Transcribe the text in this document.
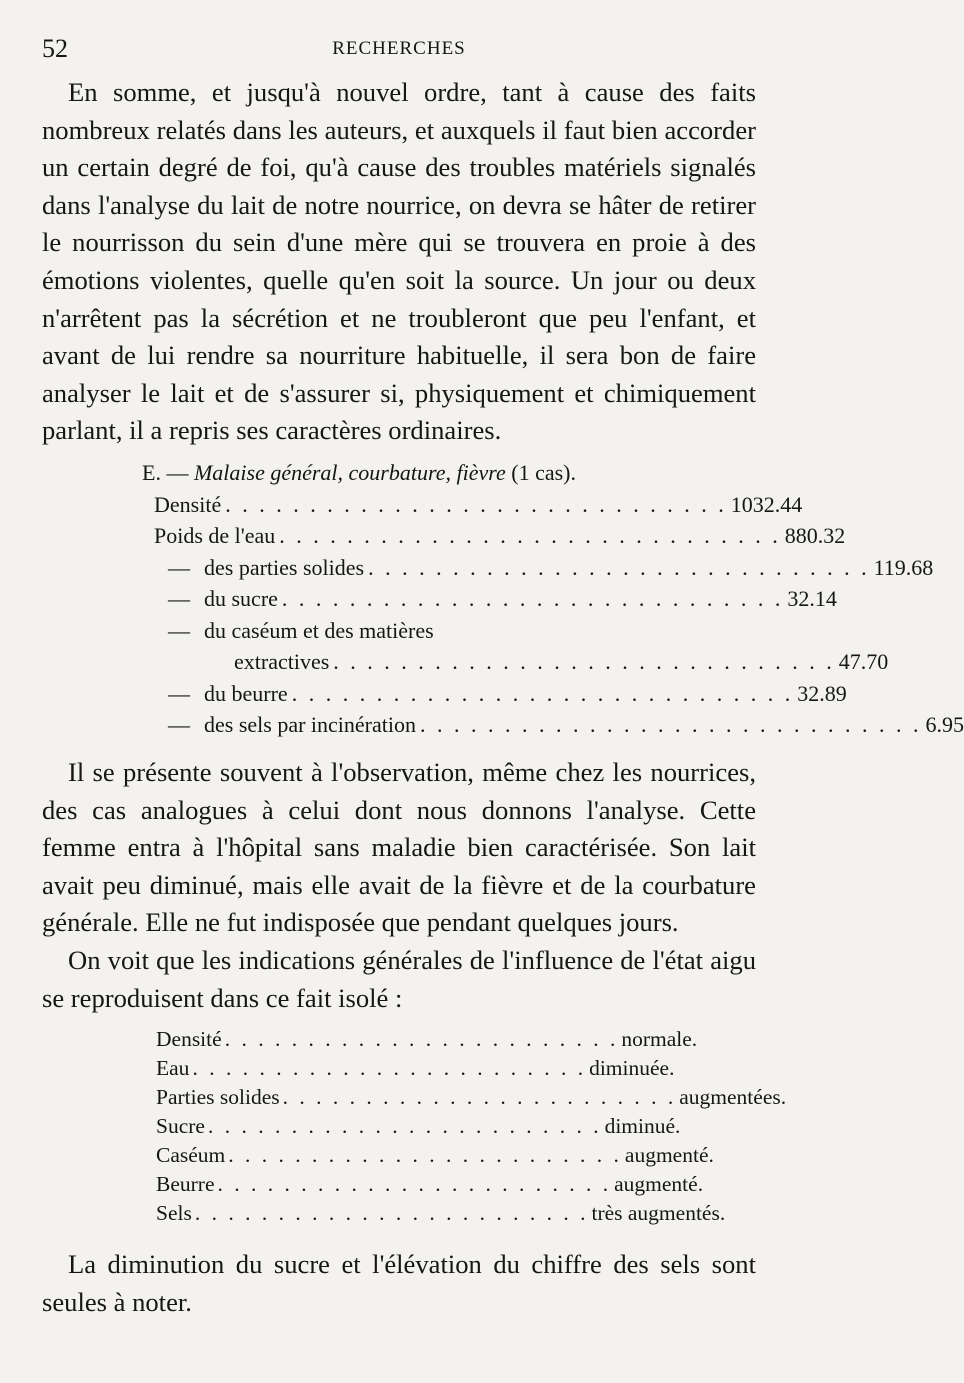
52	RECHERCHES

En somme, et jusqu'à nouvel ordre, tant à cause des faits nombreux relatés dans les auteurs, et auxquels il faut bien accorder un certain degré de foi, qu'à cause des troubles matériels signalés dans l'analyse du lait de notre nourrice, on devra se hâter de retirer le nourrisson du sein d'une mère qui se trouvera en proie à des émotions violentes, quelle qu'en soit la source. Un jour ou deux n'arrêtent pas la sécrétion et ne troubleront que peu l'enfant, et avant de lui rendre sa nourriture habituelle, il sera bon de faire analyser le lait et de s'assurer si, physiquement et chimiquement parlant, il a repris ses caractères ordinaires.

E. — Malaise général, courbature, fièvre (1 cas).
Densité . . . . . . . . . . . . . . . . . . . . . . . . . . . . . . 1032.44
Poids de l'eau . . . . . . . . . . . . . . . . . . . . . . . . . . . . . . 880.32
— des parties solides . . . . . . . . . . . . . . . . . . . . . . . . . . . . . . 119.68
— du sucre . . . . . . . . . . . . . . . . . . . . . . . . . . . . . . 32.14
— du caséum et des matières
extractives . . . . . . . . . . . . . . . . . . . . . . . . . . . . . . 47.70
— du beurre . . . . . . . . . . . . . . . . . . . . . . . . . . . . . . 32.89
— des sels par incinération . . . . . . . . . . . . . . . . . . . . . . . . . . . . . . 6.95

Il se présente souvent à l'observation, même chez les nourrices, des cas analogues à celui dont nous donnons l'analyse. Cette femme entra à l'hôpital sans maladie bien caractérisée. Son lait avait peu diminué, mais elle avait de la fièvre et de la courbature générale. Elle ne fut indisposée que pendant quelques jours.

On voit que les indications générales de l'influence de l'état aigu se reproduisent dans ce fait isolé :

Densité . . . . . . . . . . . . . . . . . . . . . . . . normale.
Eau . . . . . . . . . . . . . . . . . . . . . . . . diminuée.
Parties solides . . . . . . . . . . . . . . . . . . . . . . . . augmentées.
Sucre . . . . . . . . . . . . . . . . . . . . . . . . diminué.
Caséum . . . . . . . . . . . . . . . . . . . . . . . . augmenté.
Beurre . . . . . . . . . . . . . . . . . . . . . . . . augmenté.
Sels . . . . . . . . . . . . . . . . . . . . . . . . très augmentés.

La diminution du sucre et l'élévation du chiffre des sels sont seules à noter.
